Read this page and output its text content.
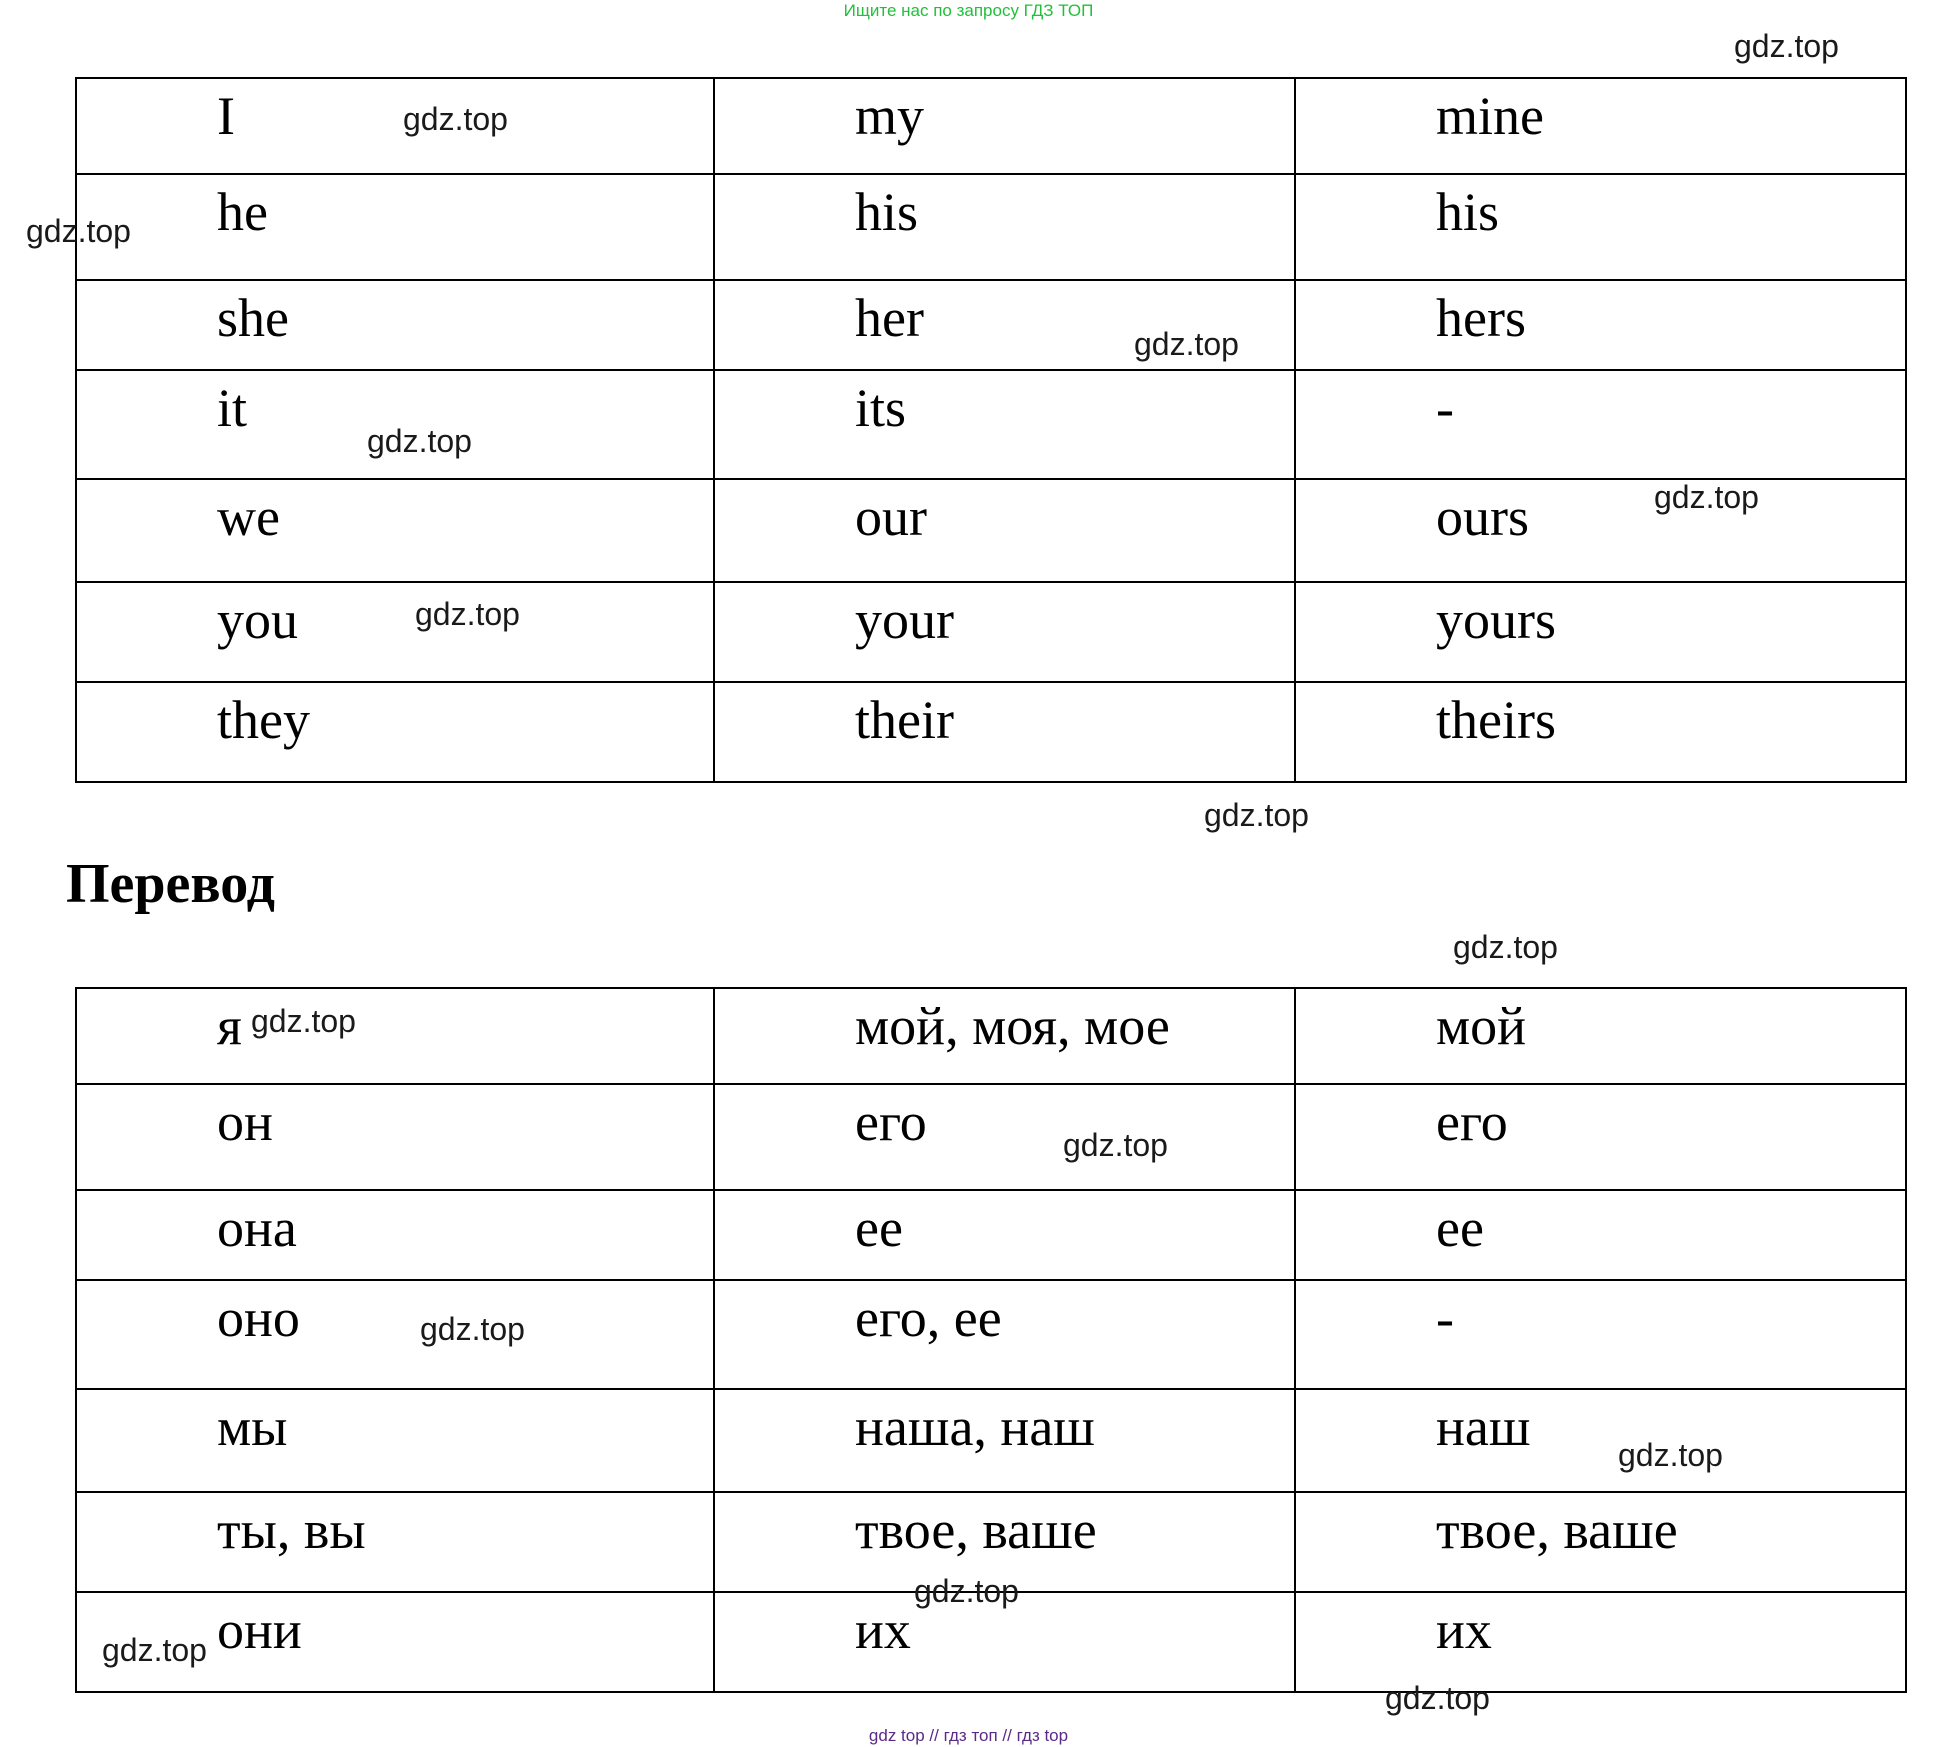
Ищите нас по запросу ГДЗ ТОП
I	my	mine

he	his	his

she	her	hers

it	its	-

we	our	ours

you	your	yours

they	their	theirs
Перевод
я	мой, моя, мое	мой

он	его	его

она	ее	ее

оно	его, ее	-

мы	наша, наш	наш

ты, вы	твое, ваше	твое, ваше

они	их	их
gdz.top
gdz.top
gdz.top
gdz.top
gdz.top
gdz.top
gdz.top
gdz.top
gdz.top
gdz.top
gdz.top
gdz.top
gdz.top
gdz.top
gdz.top
gdz.top
gdz top // гдз топ // гдз top
